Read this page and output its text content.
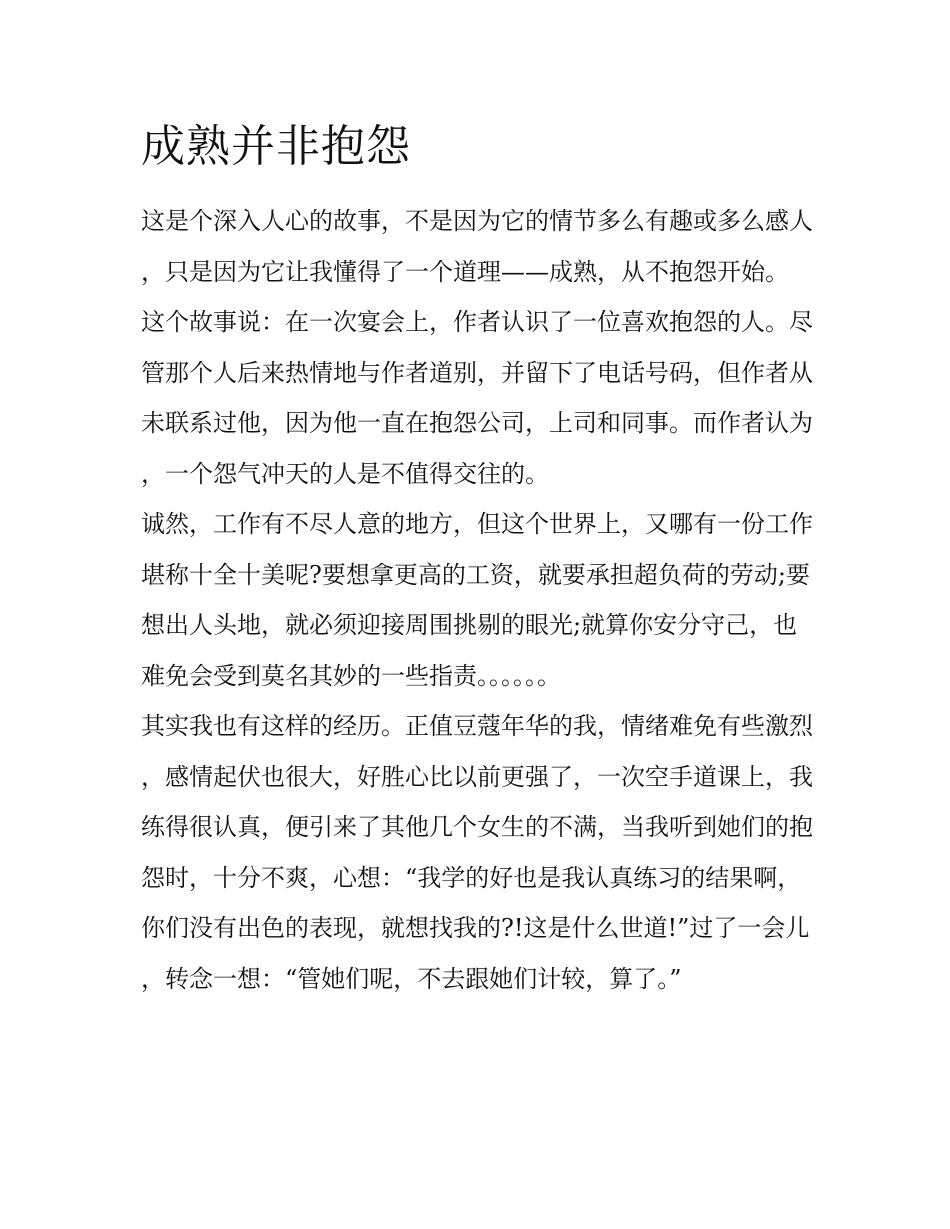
成熟并非抱怨

这是个深入人心的故事，不是因为它的情节多么有趣或多么感人，只是因为它让我懂得了一个道理——成熟，从不抱怨开始。

这个故事说：在一次宴会上，作者认识了一位喜欢抱怨的人。尽管那个人后来热情地与作者道别，并留下了电话号码，但作者从未联系过他，因为他一直在抱怨公司，上司和同事。而作者认为，一个怨气冲天的人是不值得交往的。

诚然，工作有不尽人意的地方，但这个世界上，又哪有一份工作堪称十全十美呢?要想拿更高的工资，就要承担超负荷的劳动;要想出人头地，就必须迎接周围挑剔的眼光;就算你安分守己，也难免会受到莫名其妙的一些指责。。。。。。

其实我也有这样的经历。正值豆蔻年华的我，情绪难免有些激烈，感情起伏也很大，好胜心比以前更强了，一次空手道课上，我练得很认真，便引来了其他几个女生的不满，当我听到她们的抱怨时，十分不爽，心想：“我学的好也是我认真练习的结果啊，你们没有出色的表现，就想找我的?!这是什么世道!”过了一会儿，转念一想：“管她们呢，不去跟她们计较，算了。”
